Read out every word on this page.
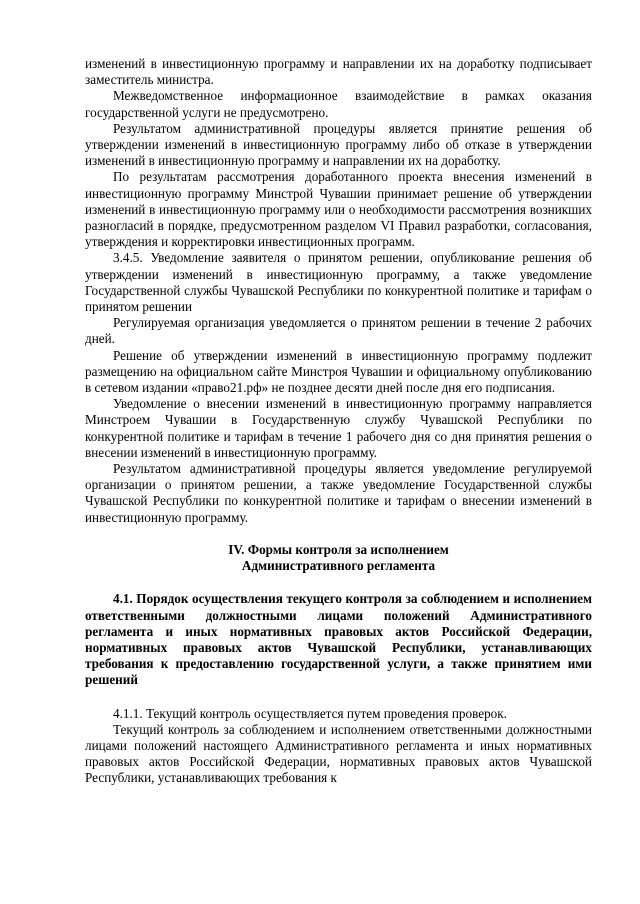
изменений в инвестиционную программу и направлении их на доработку подписывает заместитель министра.

Межведомственное информационное взаимодействие в рамках оказания государственной услуги не предусмотрено.

Результатом административной процедуры является принятие решения об утверждении изменений в инвестиционную программу либо об отказе в утверждении изменений в инвестиционную программу и направлении их на доработку.

По результатам рассмотрения доработанного проекта внесения изменений в инвестиционную программу Минстрой Чувашии принимает решение об утверждении изменений в инвестиционную программу или о необходимости рассмотрения возникших разногласий в порядке, предусмотренном разделом VI Правил разработки, согласования, утверждения и корректировки инвестиционных программ.

3.4.5. Уведомление заявителя о принятом решении, опубликование решения об утверждении изменений в инвестиционную программу, а также уведомление Государственной службы Чувашской Республики по конкурентной политике и тарифам о принятом решении

Регулируемая организация уведомляется о принятом решении в течение 2 рабочих дней.

Решение об утверждении изменений в инвестиционную программу подлежит размещению на официальном сайте Минстроя Чувашии и официальному опубликованию в сетевом издании «право21.рф» не позднее десяти дней после дня его подписания.

Уведомление о внесении изменений в инвестиционную программу направляется Минстроем Чувашии в Государственную службу Чувашской Республики по конкурентной политике и тарифам в течение 1 рабочего дня со дня принятия решения о внесении изменений в инвестиционную программу.

Результатом административной процедуры является уведомление регулируемой организации о принятом решении, а также уведомление Государственной службы Чувашской Республики по конкурентной политике и тарифам о внесении изменений в инвестиционную программу.

IV. Формы контроля за исполнением
Административного регламента

4.1. Порядок осуществления текущего контроля за соблюдением и исполнением ответственными должностными лицами положений Административного регламента и иных нормативных правовых актов Российской Федерации, нормативных правовых актов Чувашской Республики, устанавливающих требования к предоставлению государственной услуги, а также принятием ими решений

4.1.1. Текущий контроль осуществляется путем проведения проверок.

Текущий контроль за соблюдением и исполнением ответственными должностными лицами положений настоящего Административного регламента и иных нормативных правовых актов Российской Федерации, нормативных правовых актов Чувашской Республики, устанавливающих требования к
